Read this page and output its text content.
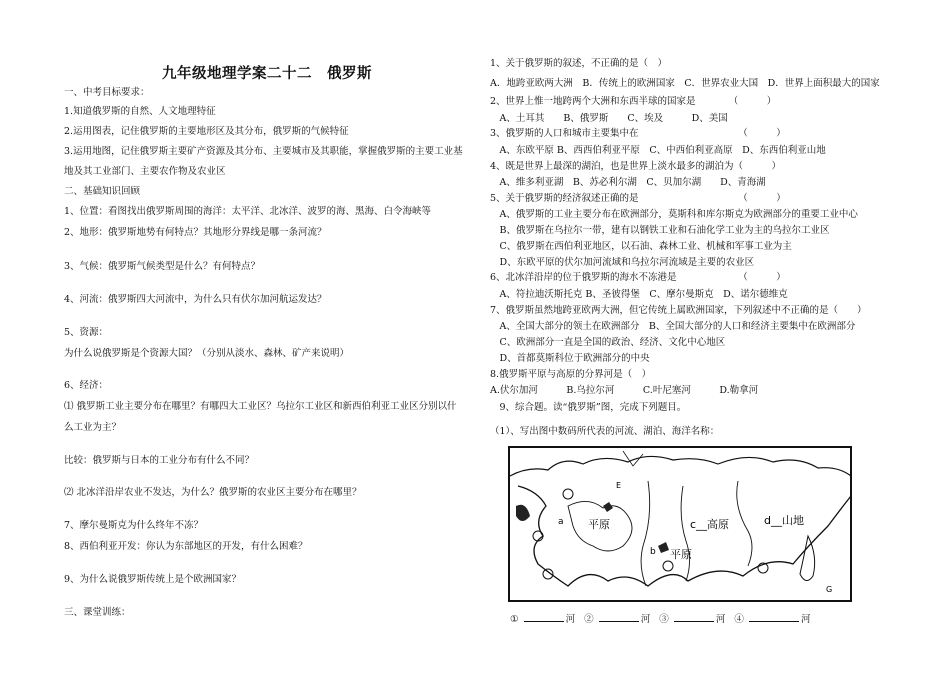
九年级地理学案二十二　俄罗斯
一、中考目标要求：
1.知道俄罗斯的自然、人文地理特征
2.运用图表，记住俄罗斯的主要地形区及其分布，俄罗斯的气候特征
3.运用地图，记住俄罗斯主要矿产资源及其分布、主要城市及其职能，掌握俄罗斯的主要工业基
地及其工业部门、主要农作物及农业区
二、基础知识回顾
1、位置：看图找出俄罗斯周围的海洋：太平洋、北冰洋、波罗的海、黑海、白令海峡等
2、地形：俄罗斯地势有何特点？其地形分界线是哪一条河流？
3、气候：俄罗斯气候类型是什么？有何特点？
4、河流：俄罗斯四大河流中，为什么只有伏尔加河航运发达？
5、资源：
为什么说俄罗斯是个资源大国？（分别从淡水、森林、矿产来说明）
6、经济：
⑴ 俄罗斯工业主要分布在哪里？有哪四大工业区？乌拉尔工业区和新西伯利亚工业区分别以什
么工业为主？
比较：俄罗斯与日本的工业分布有什么不同？
⑵ 北冰洋沿岸农业不发达，为什么？俄罗斯的农业区主要分布在哪里？
7、摩尔曼斯克为什么终年不冻？
8、西伯利亚开发：你认为东部地区的开发，有什么困难？
9、为什么说俄罗斯传统上是个欧洲国家？
三、课堂训练：
1、关于俄罗斯的叙述，不正确的是（　）
A．地跨亚欧两大洲　B．传统上的欧洲国家　C．世界农业大国　D．世界上面积最大的国家
2、世界上惟一地跨两个大洲和东西半球的国家是　　　　（　　　）
　A、土耳其　　B、俄罗斯　　C、埃及　　　D、美国
3、俄罗斯的人口和城市主要集中在　　　　　　　　　　　（　　　）
　A、东欧平原 B、西西伯利亚平原　C、中西伯利亚高原　D、东西伯利亚山地
4、既是世界上最深的湖泊，也是世界上淡水最多的湖泊为（　　　）
　A、维多利亚湖　B、苏必利尔湖　C、贝加尔湖　　D、青海湖
5、关于俄罗斯的经济叙述正确的是　　　　　　　　　　　（　　　）
　A、俄罗斯的工业主要分布在欧洲部分，莫斯科和库尔斯克为欧洲部分的重要工业中心
　B、俄罗斯在乌拉尔一带，建有以钢铁工业和石油化学工业为主的乌拉尔工业区
　C、俄罗斯在西伯利亚地区，以石油、森林工业、机械和军事工业为主
　D、东欧平原的伏尔加河流域和乌拉尔河流域是主要的农业区
6、北冰洋沿岸的位于俄罗斯的海水不冻港是　　　　　　　（　　　）
　A、符拉迪沃斯托克 B、圣彼得堡　C、摩尔曼斯克　D、诺尔德维克
7、俄罗斯虽然地跨亚欧两大洲，但它传统上属欧洲国家，下列叙述中不正确的是（　　）
　A、全国大部分的领土在欧洲部分　B、全国大部分的人口和经济主要集中在欧洲部分
　C、欧洲部分一直是全国的政治、经济、文化中心地区
　D、首都莫斯科位于欧洲部分的中央
8.俄罗斯平原与高原的分界河是（　）
A.伏尔加河　　　B.乌拉尔河　　　C.叶尼塞河　　　D.勒拿河
　9、综合题。读“俄罗斯”图，完成下列题目。
（1）、写出图中数码所代表的河流、湖泊、海洋名称：
平原
平原
c__高原	d__山地
a
b
E
G
①	河 ②	河 ③	河 ④	河
